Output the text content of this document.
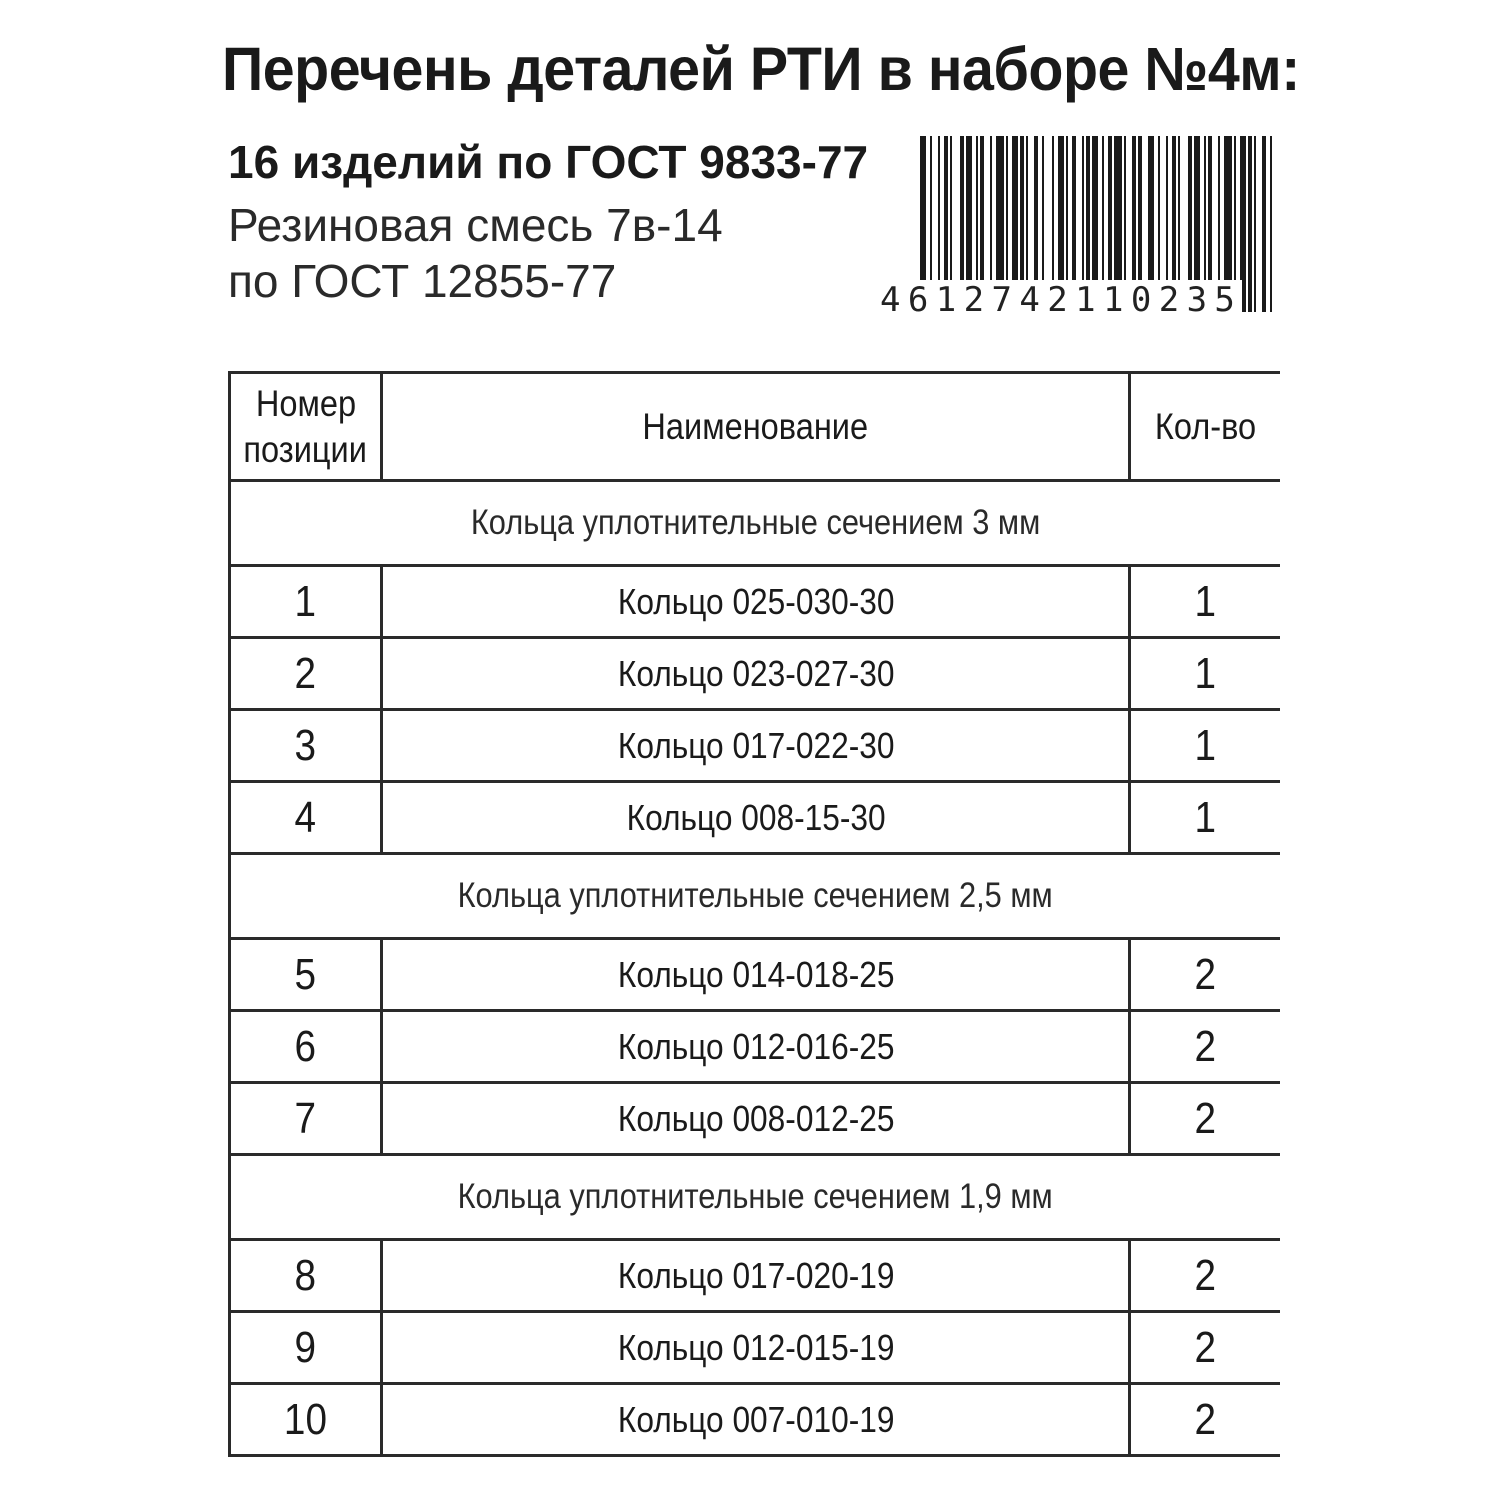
Перечень деталей РТИ в наборе №4м:
16 изделий по ГОСТ 9833-77
Резиновая смесь 7в-14
по ГОСТ 12855-77	4612742110235
Номер
позиции	Наименование	Кол-во
Кольца уплотнительные сечением 3 мм		
1	Кольцо 025-030-30	1
2	Кольцо 023-027-30	1
3	Кольцо 017-022-30	1
4	Кольцо 008-15-30	1
Кольца уплотнительные сечением 2,5 мм		
5	Кольцо 014-018-25	2
6	Кольцо 012-016-25	2
7	Кольцо 008-012-25	2
Кольца уплотнительные сечением 1,9 мм		
8	Кольцо 017-020-19	2
9	Кольцо 012-015-19	2
10	Кольцо 007-010-19	2
